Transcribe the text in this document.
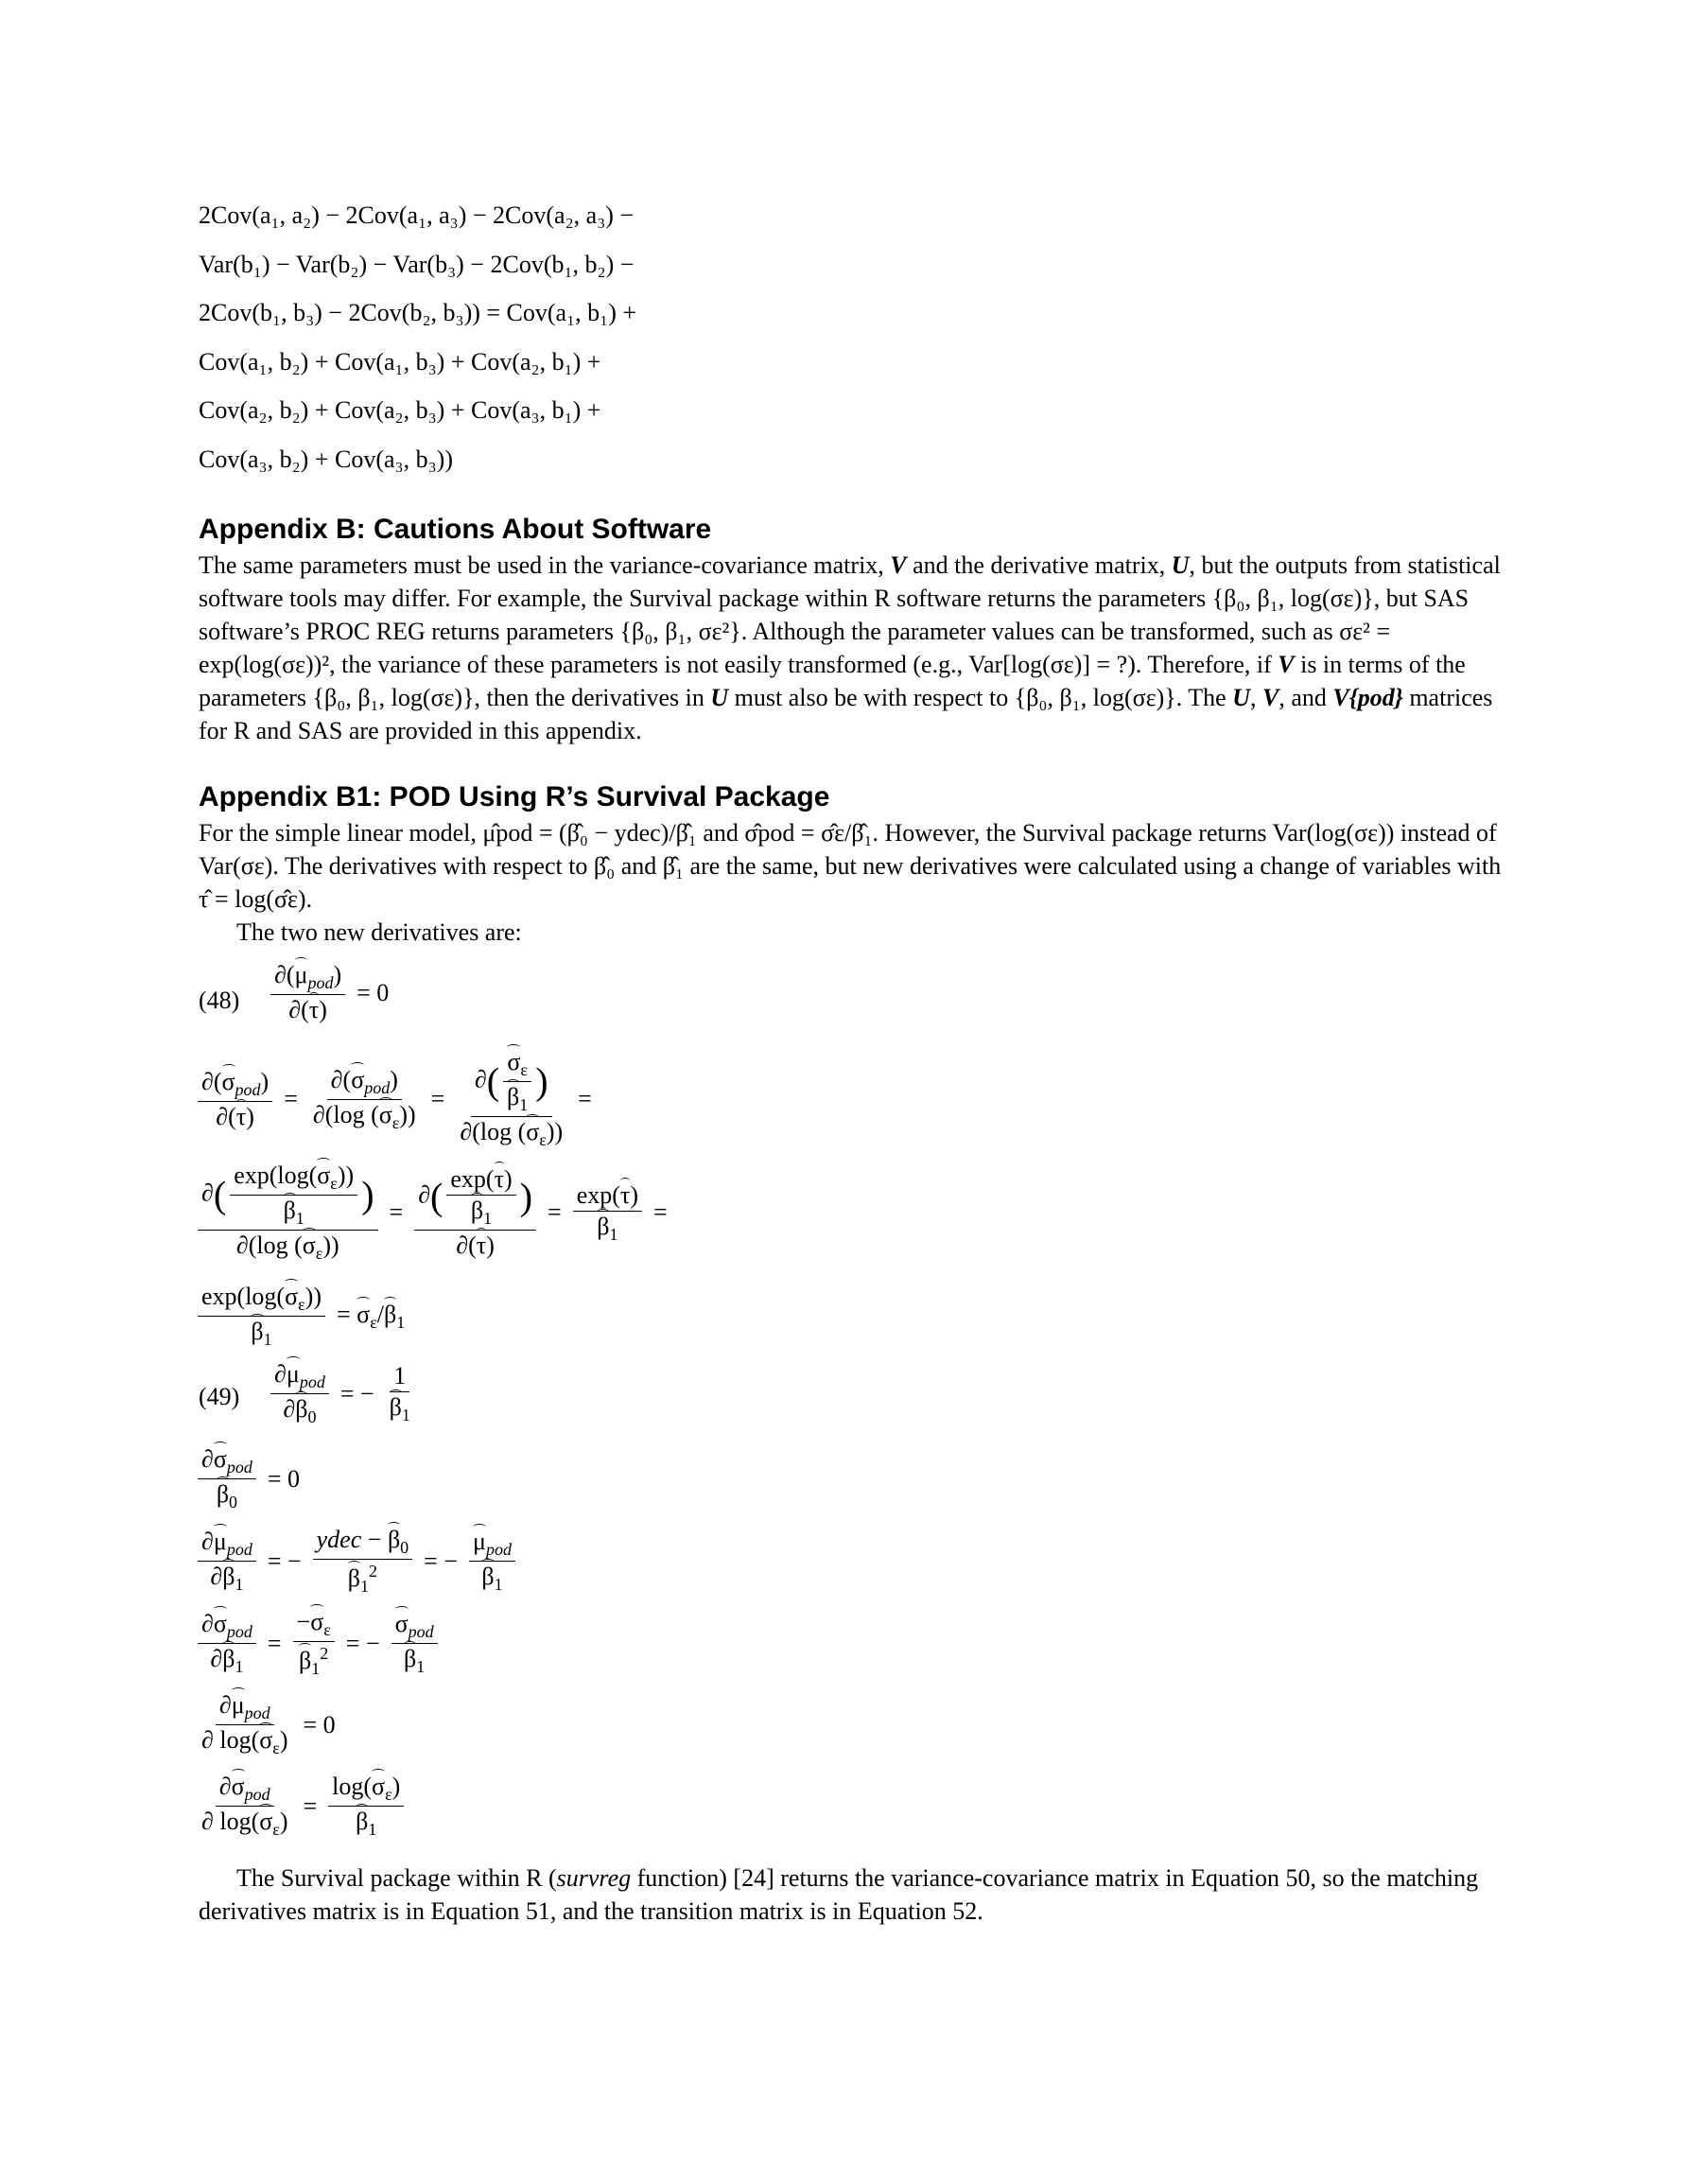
2Cov(a₁, a₂) − 2Cov(a₁, a₃) − 2Cov(a₂, a₃) −
Var(b₁) − Var(b₂) − Var(b₃) − 2Cov(b₁, b₂) −
2Cov(b₁, b₃) − 2Cov(b₂, b₃)) = Cov(a₁, b₁) +
Cov(a₁, b₂) + Cov(a₁, b₃) + Cov(a₂, b₁) +
Cov(a₂, b₂) + Cov(a₂, b₃) + Cov(a₃, b₁) +
Cov(a₃, b₂) + Cov(a₃, b₃))
Appendix B: Cautions About Software

The same parameters must be used in the variance-covariance matrix, V and the derivative matrix, U, but the outputs from statistical software tools may differ. For example, the Survival package within R software returns the parameters {β₀, β₁, log(σε)}, but SAS software’s PROC REG returns parameters {β₀, β₁, σε²}. Although the parameter values can be transformed, such as σε² = exp(log(σε))², the variance of these parameters is not easily transformed (e.g., Var[log(σε)] = ?). Therefore, if V is in terms of the parameters {β₀, β₁, log(σε)}, then the derivatives in U must also be with respect to {β₀, β₁, log(σε)}. The U, V, and V{pod} matrices for R and SAS are provided in this appendix.

Appendix B1: POD Using R’s Survival Package

For the simple linear model, μ̂pod = (β̂₀ − ydec)/β̂₁ and σ̂pod = σ̂ε/β̂₁. However, the Survival package returns Var(log(σε)) instead of Var(σε). The derivatives with respect to β̂₀ and β̂₁ are the same, but new derivatives were calculated using a change of variables with τ̂ = log(σ̂ε).

The two new derivatives are:

$(48) \frac{\partial(\mu_{pod})}{\partial(\tau)} = 0$
$\frac{\partial(\sigma_{pod})}{\partial(\tau)} = \frac{\partial(\sigma_{pod})}{\partial(\log (\sigma_\varepsilon))} = \frac{\partial( \frac{\sigma_\varepsilon}{\beta_1} )}{\partial(\log (\sigma_\varepsilon))}$ =
$\frac{\partial( \frac{\exp(\log(\sigma_\varepsilon))}{\beta_1} )}{\partial(\log (\sigma_\varepsilon))} = \frac{\partial( \frac{\exp(\tau)}{\beta_1} )}{\partial(\tau)} = \frac{\exp(\tau)}{\beta_1}$ =
$\frac{\exp(\log(\sigma_\varepsilon))}{\beta_1} = \sigma_\varepsilon/\beta_1$
$(49) \frac{\partial\mu_{pod}}{\partial\beta_0}$ = − $\frac{1}{\beta_1}$
$\frac{\partial\sigma_{pod}}{\beta_0} = 0$
$\frac{\partial\mu_{pod}}{\partial\beta_1}$ = − $\frac{ydec - \beta_0}{\beta_1^2}$ = − $\frac{\mu_{pod}}{\beta_1}$
$\frac{\partial\sigma_{pod}}{\partial\beta_1} = \frac{-\sigma_\varepsilon}{\beta_1^2}$ = − $\frac{\sigma_{pod}}{\beta_1}$
$\frac{\partial\mu_{pod}}{\partial \log(\sigma_\varepsilon)} = 0$
$\frac{\partial\sigma_{pod}}{\partial \log(\sigma_\varepsilon)} = \frac{\log(\sigma_\varepsilon)}{\beta_1}$

The Survival package within R (survreg function) [24] returns the variance-covariance matrix in Equation 50, so the matching derivatives matrix is in Equation 51, and the transition matrix is in Equation 52.
